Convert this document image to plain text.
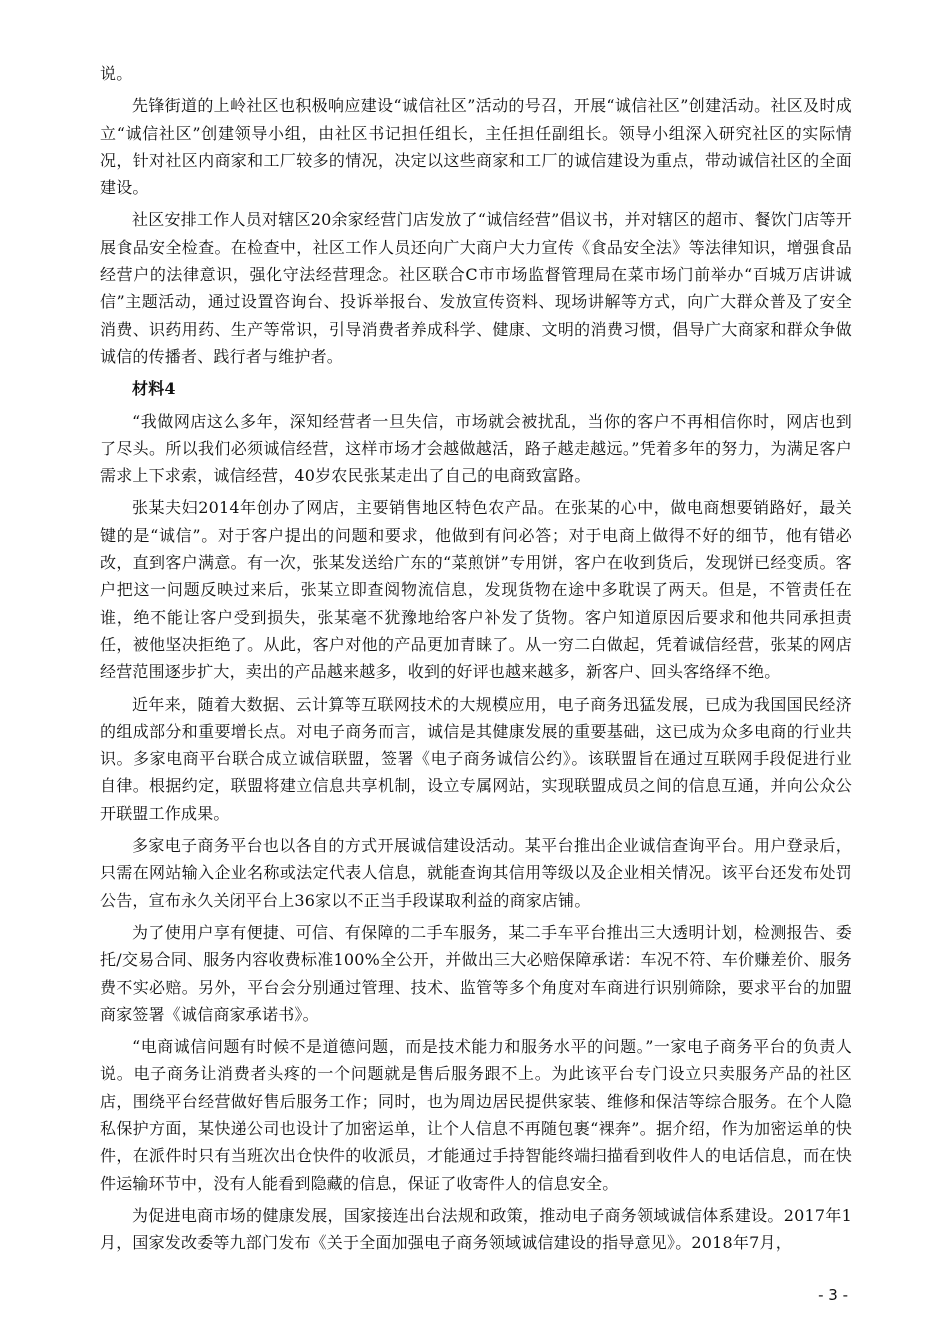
说。

先锋街道的上岭社区也积极响应建设“诚信社区”活动的号召，开展“诚信社区”创建活动。社区及时成立“诚信社区”创建领导小组，由社区书记担任组长，主任担任副组长。领导小组深入研究社区的实际情况，针对社区内商家和工厂较多的情况，决定以这些商家和工厂的诚信建设为重点，带动诚信社区的全面建设。

社区安排工作人员对辖区20余家经营门店发放了“诚信经营”倡议书，并对辖区的超市、餐饮门店等开展食品安全检查。在检查中，社区工作人员还向广大商户大力宣传《食品安全法》等法律知识，增强食品经营户的法律意识，强化守法经营理念。社区联合C市市场监督管理局在菜市场门前举办“百城万店讲诚信”主题活动，通过设置咨询台、投诉举报台、发放宣传资料、现场讲解等方式，向广大群众普及了安全消费、识药用药、生产等常识，引导消费者养成科学、健康、文明的消费习惯，倡导广大商家和群众争做诚信的传播者、践行者与维护者。

材料4

“我做网店这么多年，深知经营者一旦失信，市场就会被扰乱，当你的客户不再相信你时，网店也到了尽头。所以我们必须诚信经营，这样市场才会越做越活，路子越走越远。”凭着多年的努力，为满足客户需求上下求索，诚信经营，40岁农民张某走出了自己的电商致富路。

张某夫妇2014年创办了网店，主要销售地区特色农产品。在张某的心中，做电商想要销路好，最关键的是“诚信”。对于客户提出的问题和要求，他做到有问必答；对于电商上做得不好的细节，他有错必改，直到客户满意。有一次，张某发送给广东的“菜煎饼”专用饼，客户在收到货后，发现饼已经变质。客户把这一问题反映过来后，张某立即查阅物流信息，发现货物在途中多耽误了两天。但是，不管责任在谁，绝不能让客户受到损失，张某毫不犹豫地给客户补发了货物。客户知道原因后要求和他共同承担责任，被他坚决拒绝了。从此，客户对他的产品更加青睐了。从一穷二白做起，凭着诚信经营，张某的网店经营范围逐步扩大，卖出的产品越来越多，收到的好评也越来越多，新客户、回头客络绎不绝。

近年来，随着大数据、云计算等互联网技术的大规模应用，电子商务迅猛发展，已成为我国国民经济的组成部分和重要增长点。对电子商务而言，诚信是其健康发展的重要基础，这已成为众多电商的行业共识。多家电商平台联合成立诚信联盟，签署《电子商务诚信公约》。该联盟旨在通过互联网手段促进行业自律。根据约定，联盟将建立信息共享机制，设立专属网站，实现联盟成员之间的信息互通，并向公众公开联盟工作成果。

多家电子商务平台也以各自的方式开展诚信建设活动。某平台推出企业诚信查询平台。用户登录后，只需在网站输入企业名称或法定代表人信息，就能查询其信用等级以及企业相关情况。该平台还发布处罚公告，宣布永久关闭平台上36家以不正当手段谋取利益的商家店铺。

为了使用户享有便捷、可信、有保障的二手车服务，某二手车平台推出三大透明计划，检测报告、委托/交易合同、服务内容收费标准100%全公开，并做出三大必赔保障承诺：车况不符、车价赚差价、服务费不实必赔。另外，平台会分别通过管理、技术、监管等多个角度对车商进行识别筛除，要求平台的加盟商家签署《诚信商家承诺书》。

“电商诚信问题有时候不是道德问题，而是技术能力和服务水平的问题。”一家电子商务平台的负责人说。电子商务让消费者头疼的一个问题就是售后服务跟不上。为此该平台专门设立只卖服务产品的社区店，围绕平台经营做好售后服务工作；同时，也为周边居民提供家装、维修和保洁等综合服务。在个人隐私保护方面，某快递公司也设计了加密运单，让个人信息不再随包裹“裸奔”。据介绍，作为加密运单的快件，在派件时只有当班次出仓快件的收派员，才能通过手持智能终端扫描看到收件人的电话信息，而在快件运输环节中，没有人能看到隐藏的信息，保证了收寄件人的信息安全。

为促进电商市场的健康发展，国家接连出台法规和政策，推动电子商务领域诚信体系建设。2017年1月，国家发改委等九部门发布《关于全面加强电子商务领域诚信建设的指导意见》。2018年7月，

- 3 -
